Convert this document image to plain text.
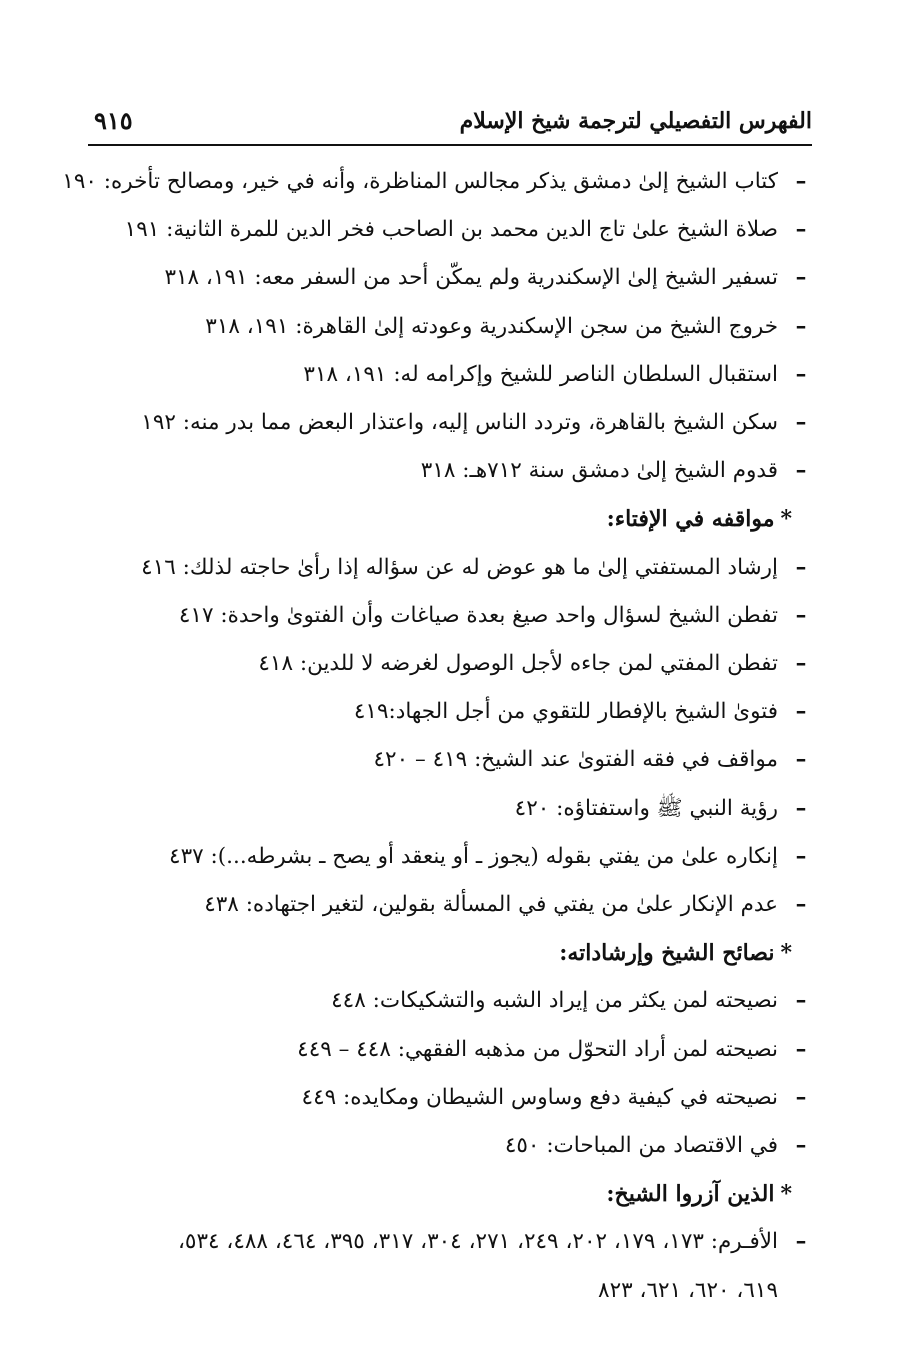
الفهرس التفصيلي لترجمة شيخ الإسلام
٩١٥
–
كتاب الشيخ إلىٰ دمشق يذكر مجالس المناظرة، وأنه في خير، ومصالح تأخره: ١٩٠
–
صلاة الشيخ علىٰ تاج الدين محمد بن الصاحب فخر الدين للمرة الثانية: ١٩١
–
تسفير الشيخ إلىٰ الإسكندرية ولم يمكّن أحد من السفر معه: ١٩١، ٣١٨
–
خروج الشيخ من سجن الإسكندرية وعودته إلىٰ القاهرة: ١٩١، ٣١٨
–
استقبال السلطان الناصر للشيخ وإكرامه له: ١٩١، ٣١٨
–
سكن الشيخ بالقاهرة، وتردد الناس إليه، واعتذار البعض مما بدر منه: ١٩٢
–
قدوم الشيخ إلىٰ دمشق سنة ٧١٢هـ: ٣١٨
*مواقفه في الإفتاء:
–
إرشاد المستفتي إلىٰ ما هو عوض له عن سؤاله إذا رأىٰ حاجته لذلك: ٤١٦
–
تفطن الشيخ لسؤال واحد صيغ بعدة صياغات وأن الفتوىٰ واحدة: ٤١٧
–
تفطن المفتي لمن جاءه لأجل الوصول لغرضه لا للدين: ٤١٨
–
فتوىٰ الشيخ بالإفطار للتقوي من أجل الجهاد:٤١٩
–
مواقف في فقه الفتوىٰ عند الشيخ: ٤١٩ – ٤٢٠
–
رؤية النبي ﷺ واستفتاؤه: ٤٢٠
–
إنكاره علىٰ من يفتي بقوله (يجوز ـ أو ينعقد أو يصح ـ بشرطه...): ٤٣٧
–
عدم الإنكار علىٰ من يفتي في المسألة بقولين، لتغير اجتهاده: ٤٣٨
*نصائح الشيخ وإرشاداته:
–
نصيحته لمن يكثر من إيراد الشبه والتشكيكات: ٤٤٨
–
نصيحته لمن أراد التحوّل من مذهبه الفقهي: ٤٤٨ – ٤٤٩
–
نصيحته في كيفية دفع وساوس الشيطان ومكايده: ٤٤٩
–
في الاقتصاد من المباحات: ٤٥٠
*الذين آزروا الشيخ:
–
الأفـرم: ١٧٣، ١٧٩، ٢٠٢، ٢٤٩، ٢٧١، ٣٠٤، ٣١٧، ٣٩٥، ٤٦٤، ٤٨٨، ٥٣٤،
٦١٩، ٦٢٠، ٦٢١، ٨٢٣
